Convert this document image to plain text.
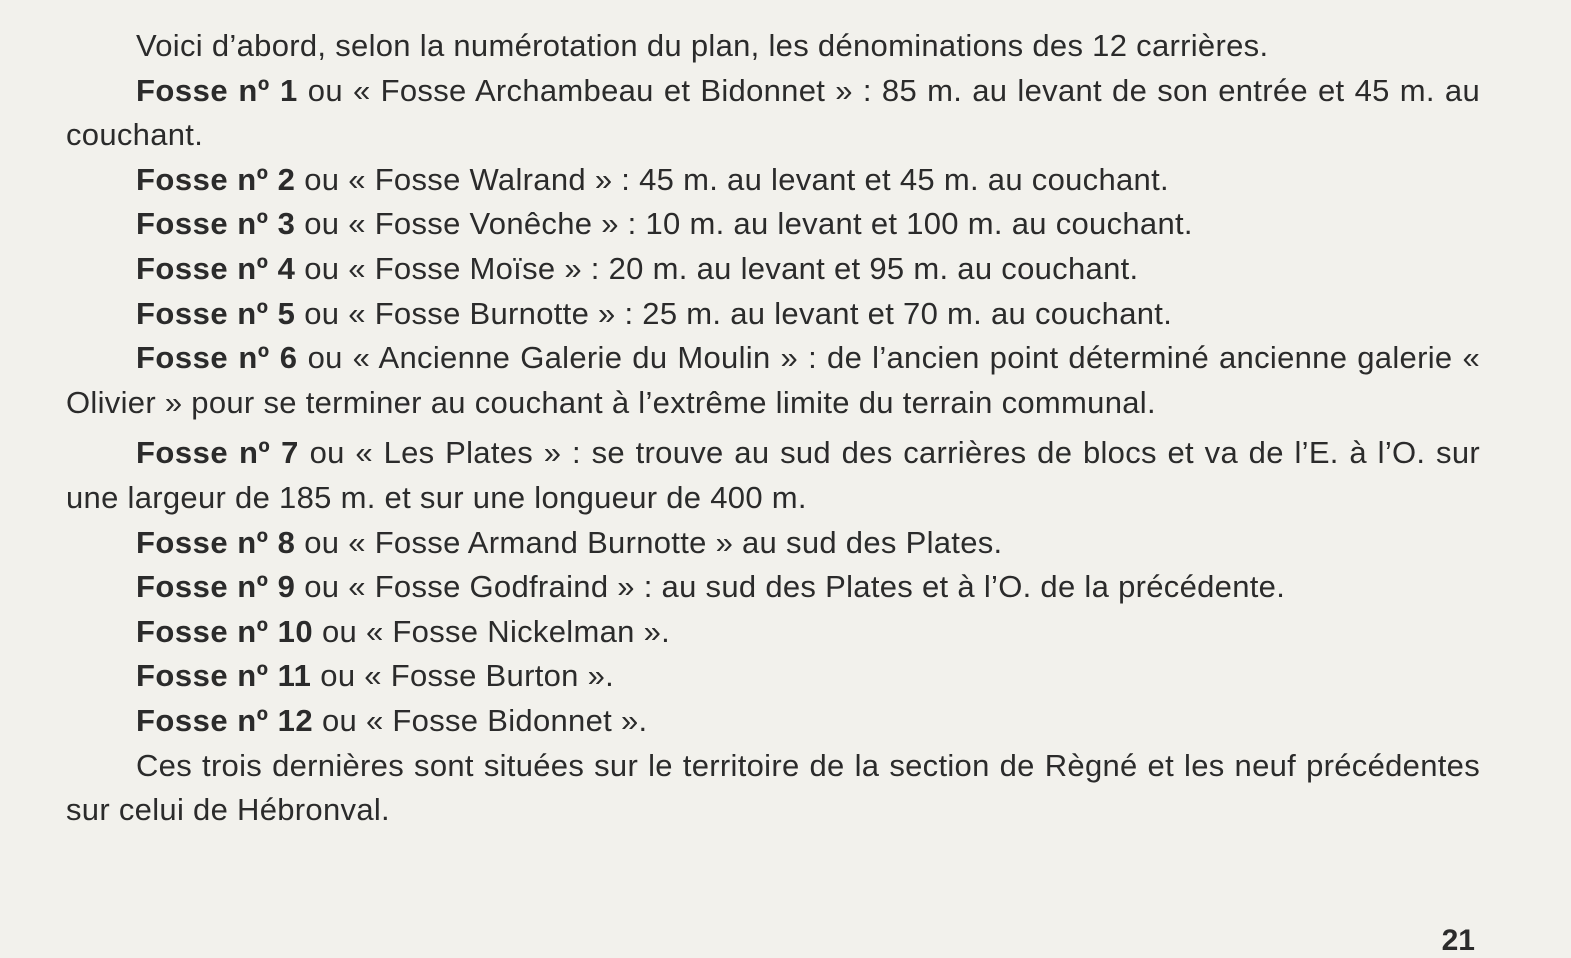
Voici d’abord, selon la numérotation du plan, les dénominations des 12 carrières.

Fosse nº 1 ou « Fosse Archambeau et Bidonnet » : 85 m. au levant de son entrée et 45 m. au couchant.

Fosse nº 2 ou « Fosse Walrand » : 45 m. au levant et 45 m. au couchant.

Fosse nº 3 ou « Fosse Vonêche » : 10 m. au levant et 100 m. au couchant.

Fosse nº 4 ou « Fosse Moïse » : 20 m. au levant et 95 m. au couchant.

Fosse nº 5 ou « Fosse Burnotte » : 25 m. au levant et 70 m. au couchant.

Fosse nº 6 ou « Ancienne Galerie du Moulin » : de l’ancien point déterminé ancienne galerie « Olivier » pour se terminer au couchant à l’extrême limite du terrain communal.

Fosse nº 7 ou « Les Plates » : se trouve au sud des carrières de blocs et va de l’E. à l’O. sur une largeur de 185 m. et sur une longueur de 400 m.

Fosse nº 8 ou « Fosse Armand Burnotte » au sud des Plates.

Fosse nº 9 ou « Fosse Godfraind » : au sud des Plates et à l’O. de la précédente.

Fosse nº 10 ou « Fosse Nickelman ».

Fosse nº 11 ou « Fosse Burton ».

Fosse nº 12 ou « Fosse Bidonnet ».

Ces trois dernières sont situées sur le territoire de la section de Règné et les neuf précédentes sur celui de Hébronval.

21
